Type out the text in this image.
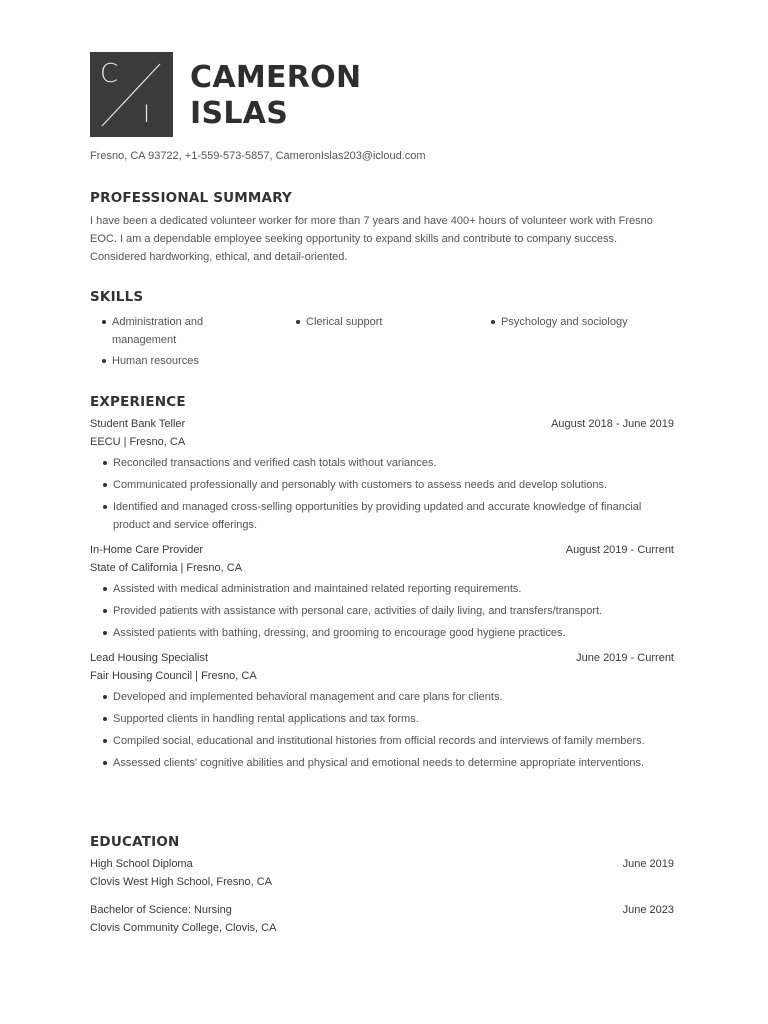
C
I
CAMERON
ISLAS
Fresno, CA 93722, +1-559-573-5857, CameronIslas203@icloud.com
PROFESSIONAL SUMMARY
I have been a dedicated volunteer worker for more than 7 years and have 400+ hours of volunteer work with Fresno EOC. I am a dependable employee seeking opportunity to expand skills and contribute to company success. Considered hardworking, ethical, and detail-oriented.
SKILLS
Administration and management
Clerical support	Psychology and sociology
Human resources
EXPERIENCE
Student Bank Teller	August 2018 - June 2019
EECU | Fresno, CA
Reconciled transactions and verified cash totals without variances.
Communicated professionally and personably with customers to assess needs and develop solutions.
Identified and managed cross-selling opportunities by providing updated and accurate knowledge of financial product and service offerings.
In-Home Care Provider	August 2019 - Current
State of California | Fresno, CA
Assisted with medical administration and maintained related reporting requirements.
Provided patients with assistance with personal care, activities of daily living, and transfers/transport.
Assisted patients with bathing, dressing, and grooming to encourage good hygiene practices.
Lead Housing Specialist	June 2019 - Current
Fair Housing Council | Fresno, CA
Developed and implemented behavioral management and care plans for clients.
Supported clients in handling rental applications and tax forms.
Compiled social, educational and institutional histories from official records and interviews of family members.
Assessed clients' cognitive abilities and physical and emotional needs to determine appropriate interventions.
EDUCATION
High School Diploma	June 2019
Clovis West High School, Fresno, CA
Bachelor of Science: Nursing	June 2023
Clovis Community College, Clovis, CA
